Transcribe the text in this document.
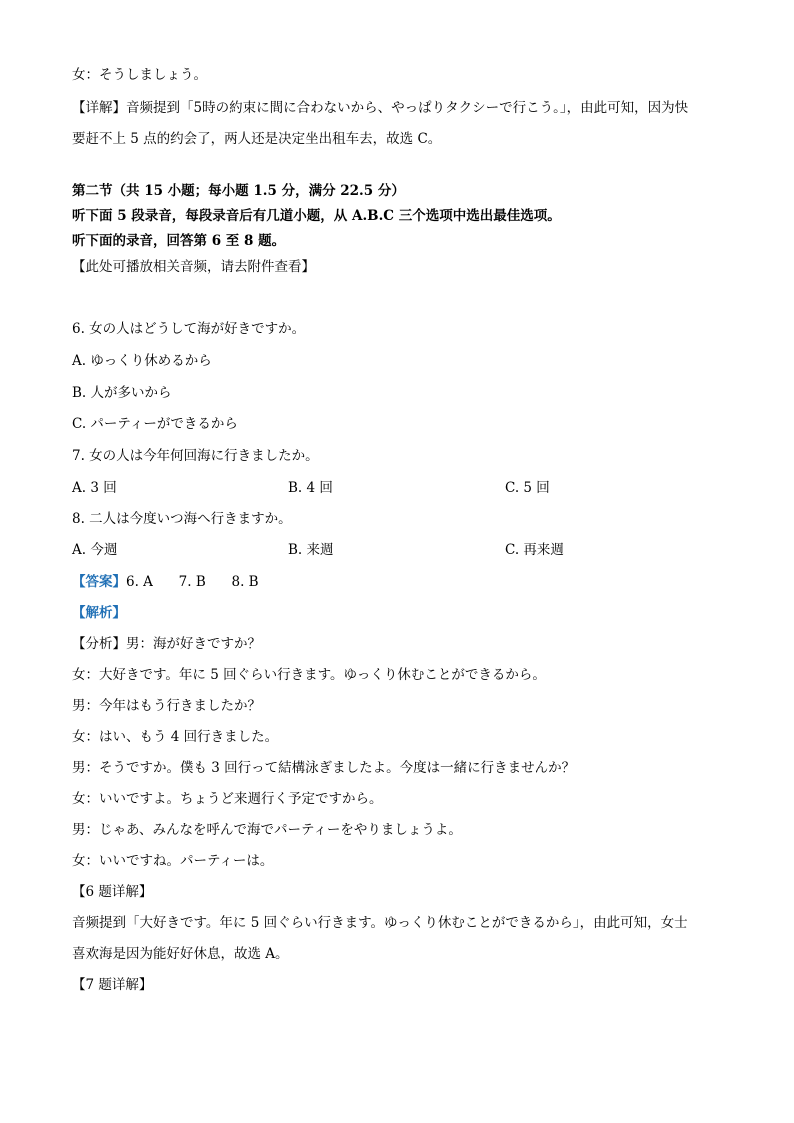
女：そうしましょう。
【详解】音频提到「5時の約束に間に合わないから、やっぱりタクシーで行こう。」，由此可知，因为快
要赶不上 5 点的约会了，两人还是决定坐出租车去，故选 C。
第二节（共 15 小题；每小题 1.5 分，满分 22.5 分）
听下面 5 段录音，每段录音后有几道小题，从 A.B.C 三个选项中选出最佳选项。
听下面的录音，回答第 6 至 8 题。
【此处可播放相关音频，请去附件查看】
6. 女の人はどうして海が好きですか。
A. ゆっくり休めるから
B. 人が多いから
C. パーティーができるから
7. 女の人は今年何回海に行きましたか。
A. 3 回	B. 4 回	C. 5 回
8. 二人は今度いつ海へ行きますか。
A. 今週	B. 来週	C. 再来週
【答案】6. A      7. B      8. B
【解析】
【分析】男：海が好きですか？
女：大好きです。年に 5 回ぐらい行きます。ゆっくり休むことができるから。
男：今年はもう行きましたか？
女：はい、もう 4 回行きました。
男：そうですか。僕も 3 回行って結構泳ぎましたよ。今度は一緒に行きませんか？
女：いいですよ。ちょうど来週行く予定ですから。
男：じゃあ、みんなを呼んで海でパーティーをやりましょうよ。
女：いいですね。パーティーは。
【6 题详解】
音频提到「大好きです。年に 5 回ぐらい行きます。ゆっくり休むことができるから」，由此可知，女士
喜欢海是因为能好好休息，故选 A。
【7 题详解】
